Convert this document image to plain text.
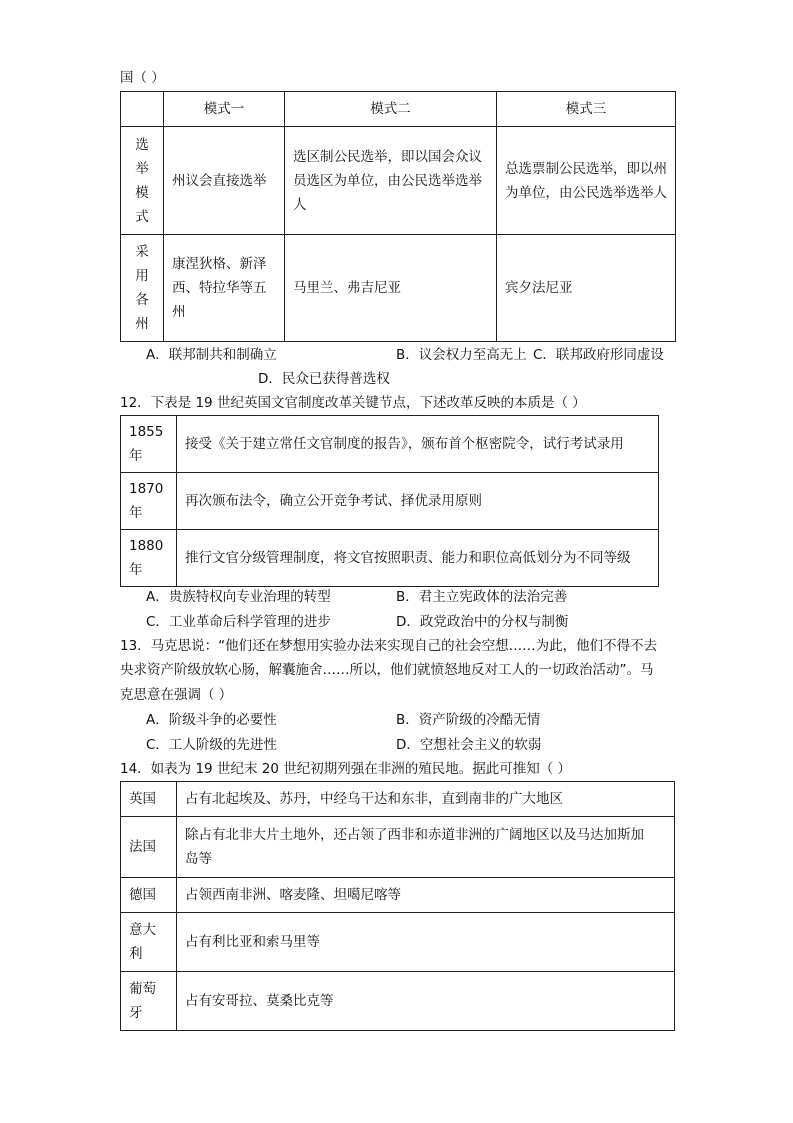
国（ ）
	模式一	模式二	模式三

选
举
模
式	州议会直接选举	选区制公民选举，即以国会众议员选区为单位，由公民选举选举人	总选票制公民选举，即以州为单位，由公民选举选举人

采
用
各
州	康涅狄格、新泽西、特拉华等五州	马里兰、弗吉尼亚	宾夕法尼亚
A．联邦制共和制确立	B．议会权力至高无上 C．联邦政府形同虚设
D．民众已获得普选权
12．下表是 19 世纪英国文官制度改革关键节点，下述改革反映的本质是（ ）
1855
年	接受《关于建立常任文官制度的报告》，颁布首个枢密院令，试行考试录用

1870
年	再次颁布法令，确立公开竞争考试、择优录用原则

1880
年	推行文官分级管理制度，将文官按照职责、能力和职位高低划分为不同等级
A．贵族特权向专业治理的转型	B．君主立宪政体的法治完善
C．工业革命后科学管理的进步	D．政党政治中的分权与制衡
13．马克思说：“他们还在梦想用实验办法来实现自己的社会空想……为此，他们不得不去
央求资产阶级放软心肠，解囊施舍……所以，他们就愤怒地反对工人的一切政治活动”。马
克思意在强调（ ）
A．阶级斗争的必要性	B．资产阶级的冷酷无情
C．工人阶级的先进性	D．空想社会主义的软弱
14．如表为 19 世纪末 20 世纪初期列强在非洲的殖民地。据此可推知（ ）
英国	占有北起埃及、苏丹，中经乌干达和东非，直到南非的广大地区

法国	除占有北非大片土地外，还占领了西非和赤道非洲的广阔地区以及马达加斯加
岛等

德国	占领西南非洲、喀麦隆、坦噶尼喀等

意大
利	占有利比亚和索马里等

葡萄
牙	占有安哥拉、莫桑比克等
